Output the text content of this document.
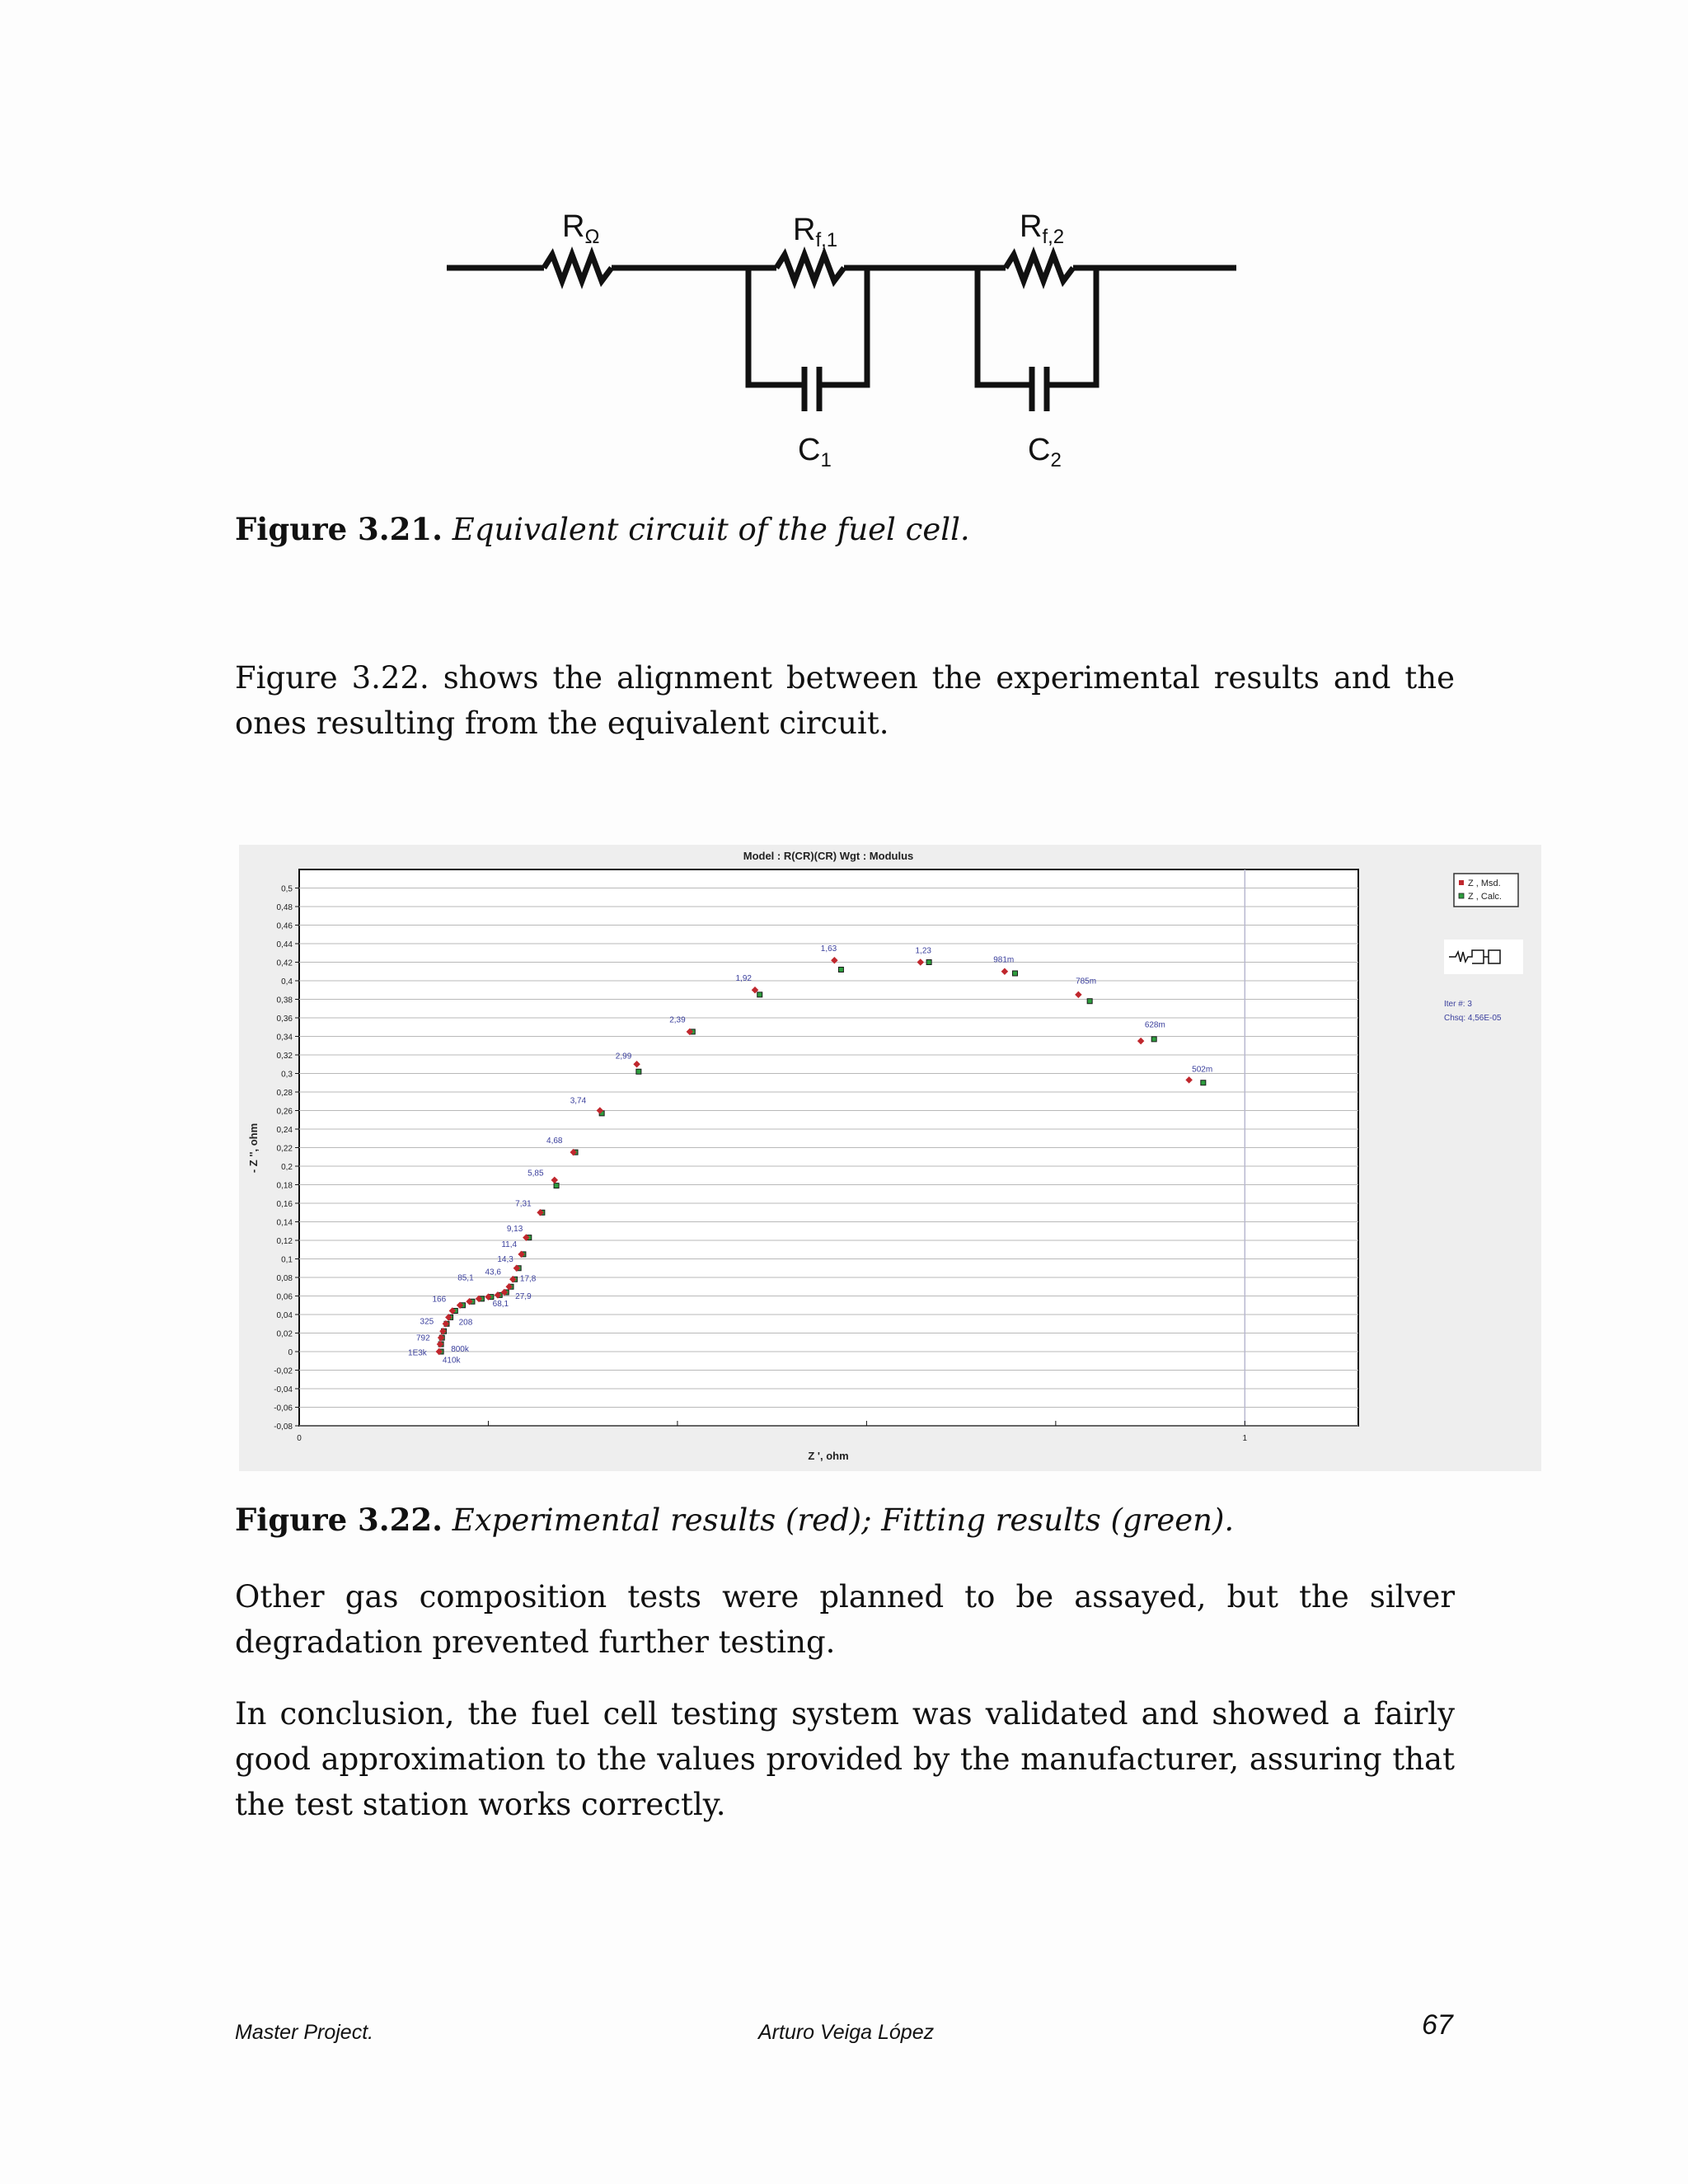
$R_\Omega$	$R_{f,1}$	$R_{f,2}$
$C_1$	$C_2$
Figure 3.21. Equivalent circuit of the fuel cell.
Figure 3.22. shows the alignment between the experimental results and the ones resulting from the equivalent circuit.
Model : R(CR)(CR) Wgt : Modulus
0,5
0,48
0,46
0,44
0,42
0,4
0,38
0,36
0,34
0,32
0,3
0,28
0,26
0,24
0,22
0,2
0,18
0,16
0,14
0,12
0,1
0,08
0,06
0,04
0,02
0
-0,02
-0,04
-0,06
-0,08
0	1
1,63	1,23
981m
785m
628m
502m
1,92
2,39
2,99
3,74
4,68
5,85
7,31
9,13
11,4
14,3
43,6
85,1	17,8
27,9
68,1
166
208
325
792
800k
1E3k
410k
Z ', ohm
- Z '', ohm
Z , Msd.
Z , Calc.
Iter #: 3
Chsq: 4,56E-05
Figure 3.22. Experimental results (red); Fitting results (green).
Other gas composition tests were planned to be assayed, but the silver degradation prevented further testing.
In conclusion, the fuel cell testing system was validated and showed a fairly good approximation to the values provided by the manufacturer, assuring that the test station works correctly.
Master Project.	Arturo Veiga López	67
